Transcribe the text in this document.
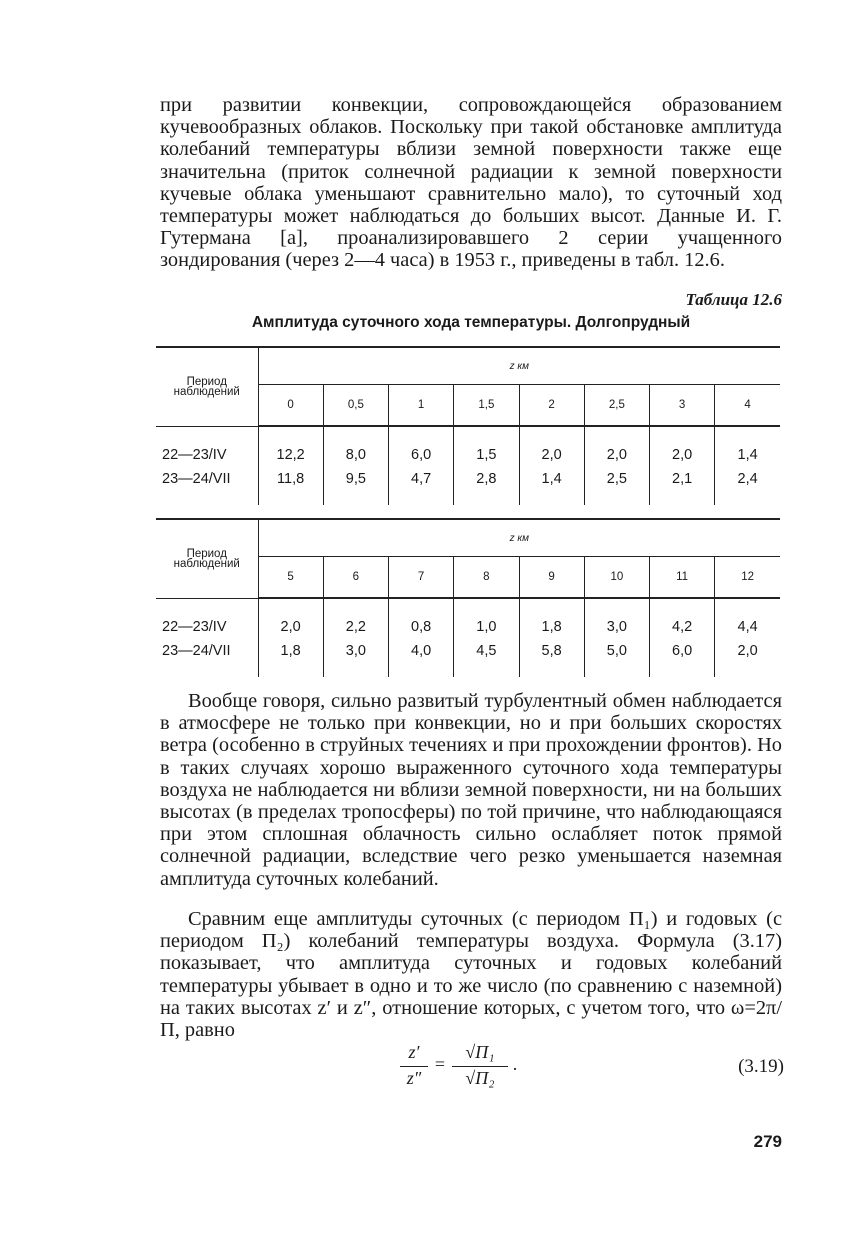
при развитии конвекции, сопровождающейся образованием кучевообразных облаков. Поскольку при такой обстановке амплитуда колебаний температуры вблизи земной поверхности также еще значительна (приток солнечной радиации к земной поверхности кучевые облака уменьшают сравнительно мало), то суточный ход температуры может наблюдаться до больших высот. Данные И. Г. Гутермана [а], проанализировавшего 2 серии учащенного зондирования (через 2—4 часа) в 1953 г., приведены в табл. 12.6.

Таблица 12.6

Амплитуда суточного хода температуры. Долгопрудный

Период наблюдений	z км							
	0	0,5	1	1,5	2	2,5	3	4
22—23/IV	12,2	8,0	6,0	1,5	2,0	2,0	2,0	1,4
23—24/VII	11,8	9,5	4,7	2,8	1,4	2,5	2,1	2,4
Период наблюдений	z км							
	5	6	7	8	9	10	11	12
22—23/IV	2,0	2,2	0,8	1,0	1,8	3,0	4,2	4,4
23—24/VII	1,8	3,0	4,0	4,5	5,8	5,0	6,0	2,0

Вообще говоря, сильно развитый турбулентный обмен наблюдается в атмосфере не только при конвекции, но и при больших скоростях ветра (особенно в струйных течениях и при прохождении фронтов). Но в таких случаях хорошо выраженного суточного хода температуры воздуха не наблюдается ни вблизи земной поверхности, ни на больших высотах (в пределах тропосферы) по той причине, что наблюдающаяся при этом сплошная облачность сильно ослабляет поток прямой солнечной радиации, вследствие чего резко уменьшается наземная амплитуда суточных колебаний.

Сравним еще амплитуды суточных (с периодом П₁) и годовых (с периодом П₂) колебаний температуры воздуха. Формула (3.17) показывает, что амплитуда суточных и годовых колебаний температуры убывает в одно и то же число (по сравнению с наземной) на таких высотах z′ и z″, отношение которых, с учетом того, что ω=2π/П, равно

z′
z″
=
√П₁
√П₂
.	(3.19)

279
